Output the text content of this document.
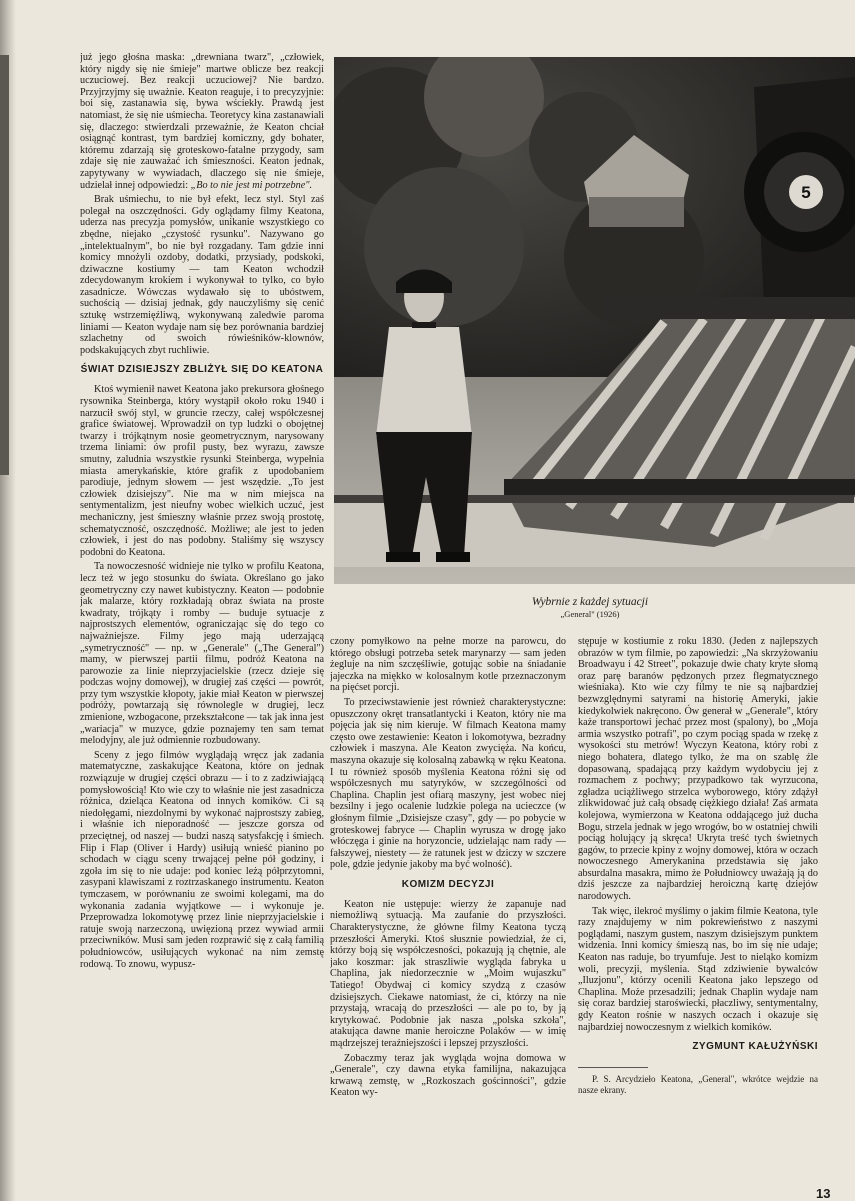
już jego głośna maska: „drewniana twarz", „człowiek, który nigdy się nie śmieje" martwe oblicze bez reakcji uczuciowej. Bez reakcji uczuciowej? Nie bardzo. Przyjrzyjmy się uważnie. Keaton reaguje, i to precyzyjnie: boi się, zastanawia się, bywa wściekły. Prawdą jest natomiast, że się nie uśmiecha. Teoretycy kina zastanawiali się, dlaczego: stwierdzali przeważnie, że Keaton chciał osiągnąć kontrast, tym bardziej komiczny, gdy bohater, któremu zdarzają się groteskowo-fatalne przygody, sam zdaje się nie zauważać ich śmieszności. Keaton jednak, zapytywany w wywiadach, dlaczego się nie śmieje, udzielał innej odpowiedzi: „Bo to nie jest mi potrzebne".

Brak uśmiechu, to nie był efekt, lecz styl. Styl zaś polegał na oszczędności. Gdy oglądamy filmy Keatona, uderza nas precyzja pomysłów, unikanie wszystkiego co zbędne, niejako „czystość rysunku". Nazywano go „intelektualnym", bo nie był rozgadany. Tam gdzie inni komicy mnożyli ozdoby, dodatki, przysiady, podskoki, dziwaczne kostiumy — tam Keaton wchodził zdecydowanym krokiem i wykonywał to tylko, co było zasadnicze. Wówczas wydawało się to ubóstwem, suchością — dzisiaj jednak, gdy nauczyliśmy się cenić sztukę wstrzemięźliwą, wykonywaną zaledwie paroma liniami — Keaton wydaje nam się bez porównania bardziej szlachetny od swoich rówieśników-klownów, podskakujących zbyt ruchliwie.

ŚWIAT DZISIEJSZY ZBLIŻYŁ SIĘ DO KEATONA

Ktoś wymienił nawet Keatona jako prekursora głośnego rysownika Steinberga, który wystąpił około roku 1940 i narzucił swój styl, w gruncie rzeczy, całej współczesnej grafice światowej. Wprowadził on typ ludzki o obojętnej twarzy i trójkątnym nosie geometrycznym, narysowany trzema liniami: ów profil pusty, bez wyrazu, zawsze smutny, zaludnia wszystkie rysunki Steinberga, wypełnia miasta amerykańskie, które grafik z upodobaniem parodiuje, jednym słowem — jest wszędzie. „To jest człowiek dzisiejszy". Nie ma w nim miejsca na sentymentalizm, jest nieufny wobec wielkich uczuć, jest mechaniczny, jest śmieszny właśnie przez swoją prostotę, schematyczność, oszczędność. Możliwe; ale jest to jeden człowiek, i jest do nas podobny. Staliśmy się wszyscy podobni do Keatona.

Ta nowoczesność widnieje nie tylko w profilu Keatona, lecz też w jego stosunku do świata. Określano go jako geometryczny czy nawet kubistyczny. Keaton — podobnie jak malarze, który rozkładają obraz świata na proste kwadraty, trójkąty i romby — buduje sytuacje z najprostszych elementów, ograniczając się do tego co najważniejsze. Filmy jego mają uderzającą „symetryczność" — np. w „Generale" („The General") mamy, w pierwszej partii filmu, podróż Keatona na parowozie za linie nieprzyjacielskie (rzecz dzieje się podczas wojny domowej), w drugiej zaś części — powrót, przy tym wszystkie kłopoty, jakie miał Keaton w pierwszej podróży, powtarzają się równolegle w drugiej, lecz zmienione, wzbogacone, przekształcone — tak jak inna jest „wariacja" w muzyce, gdzie poznajemy ten sam temat melodyjny, ale już odmiennie rozbudowany.

Sceny z jego filmów wyglądają wręcz jak zadania matematyczne, zaskakujące Keatona, które on jednak rozwiązuje w drugiej części obrazu — i to z zadziwiającą pomysłowością! Kto wie czy to właśnie nie jest zasadnicza różnica, dzieląca Keatona od innych komików. Ci są niedołęgami, niezdolnymi by wykonać najprostszy zabieg, i właśnie ich nieporadność — jeszcze gorsza od przeciętnej, od naszej — budzi naszą satysfakcję i śmiech. Flip i Flap (Oliver i Hardy) usiłują wnieść pianino po schodach w ciągu sceny trwającej pełne pół godziny, i zgoła im się to nie udaje: pod koniec leżą półprzytomni, zasypani klawiszami z roztrzaskanego instrumentu. Keaton tymczasem, w porównaniu ze swoimi kolegami, ma do wykonania zadania wyjątkowe — i wykonuje je. Przeprowadza lokomotywę przez linie nieprzyjacielskie i ratuje swoją narzeczoną, uwięzioną przez wywiad armii przeciwników. Musi sam jeden rozprawić się z całą familią południowców, usiłujących wykonać na nim zemstę rodową. To znowu, wypusz-

5
Wybrnie z każdej sytuacji
„General" (1926)

czony pomyłkowo na pełne morze na parowcu, do którego obsługi potrzeba setek marynarzy — sam jeden żegluje na nim szczęśliwie, gotując sobie na śniadanie jajeczka na miękko w kolosalnym kotle przeznaczonym na pięćset porcji.

To przeciwstawienie jest również charakterystyczne: opuszczony okręt transatlantycki i Keaton, który nie ma pojęcia jak się nim kieruje. W filmach Keatona mamy często owe zestawienie: Keaton i lokomotywa, bezradny człowiek i maszyna. Ale Keaton zwycięża. Na końcu, maszyna okazuje się kolosalną zabawką w ręku Keatona. I tu również sposób myślenia Keatona różni się od współczesnych mu satyryków, w szczególności od Chaplina. Chaplin jest ofiarą maszyny, jest wobec niej bezsilny i jego ocalenie ludzkie polega na ucieczce (w głośnym filmie „Dzisiejsze czasy", gdy — po pobycie w groteskowej fabryce — Chaplin wyrusza w drogę jako włóczęga i ginie na horyzoncie, udzielając nam rady — fałszywej, niestety — że ratunek jest w dziczy w szczere pole, gdzie jedynie jakoby ma być wolność).

KOMIZM DECYZJI

Keaton nie ustępuje: wierzy że zapanuje nad niemożliwą sytuacją. Ma zaufanie do przyszłości. Charakterystyczne, że główne filmy Keatona tyczą przeszłości Ameryki. Ktoś słusznie powiedział, że ci, którzy boją się współczesności, pokazują ją chętnie, ale jako koszmar: jak straszliwie wygląda fabryka u Chaplina, jak niedorzecznie w „Moim wujaszku" Tatiego! Obydwaj ci komicy szydzą z czasów dzisiejszych. Ciekawe natomiast, że ci, którzy na nie przystają, wracają do przeszłości — ale po to, by ją krytykować. Podobnie jak nasza „polska szkoła", atakująca dawne manie heroiczne Polaków — w imię mądrzejszej teraźniejszości i lepszej przyszłości.

Zobaczmy teraz jak wygląda wojna domowa w „Generale", czy dawna etyka familijna, nakazująca krwawą zemstę, w „Rozkoszach gościnności", gdzie Keaton wy-

stępuje w kostiumie z roku 1830. (Jeden z najlepszych obrazów w tym filmie, po zapowiedzi: „Na skrzyżowaniu Broadwayu i 42 Street", pokazuje dwie chaty kryte słomą oraz parę baranów pędzonych przez flegmatycznego wieśniaka). Kto wie czy filmy te nie są najbardziej bezwzględnymi satyrami na historię Ameryki, jakie kiedykolwiek nakręcono. Ów generał w „Generale", który każe transportowi jechać przez most (spalony), bo „Moja armia wszystko potrafi", po czym pociąg spada w rzekę z wysokości stu metrów! Wyczyn Keatona, który robi z niego bohatera, dlatego tylko, że ma on szablę źle dopasowaną, spadającą przy każdym wydobyciu jej z rozmachem z pochwy; przypadkowo tak wyrzucona, zgładza uciążliwego strzelca wyborowego, który zdążył zlikwidować już całą obsadę ciężkiego działa! Zaś armata kolejowa, wymierzona w Keatona oddającego już ducha Bogu, strzela jednak w jego wrogów, bo w ostatniej chwili pociąg holujący ją skręca! Ukryta treść tych świetnych gagów, to przecie kpiny z wojny domowej, która w oczach nowoczesnego Amerykanina przedstawia się jako absurdalna masakra, mimo że Południowcy uważają ją do dziś jeszcze za najbardziej heroiczną kartę dziejów narodowych.

Tak więc, ilekroć myślimy o jakim filmie Keatona, tyle razy znajdujemy w nim pokrewieństwo z naszymi poglądami, naszym gustem, naszym dzisiejszym punktem widzenia. Inni komicy śmieszą nas, bo im się nie udaje; Keaton nas raduje, bo tryumfuje. Jest to nieląko komizm woli, precyzji, myślenia. Stąd zdziwienie bywalców „Iluzjonu", którzy ocenili Keatona jako lepszego od Chaplina. Może przesadzili; jednak Chaplin wydaje nam się coraz bardziej staroświecki, płaczliwy, sentymentalny, gdy Keaton rośnie w naszych oczach i okazuje się najbardziej nowoczesnym z wielkich komików.

ZYGMUNT KAŁUŻYŃSKI

P. S. Arcydzieło Keatona, „General", wkrótce wejdzie na nasze ekrany.

13
